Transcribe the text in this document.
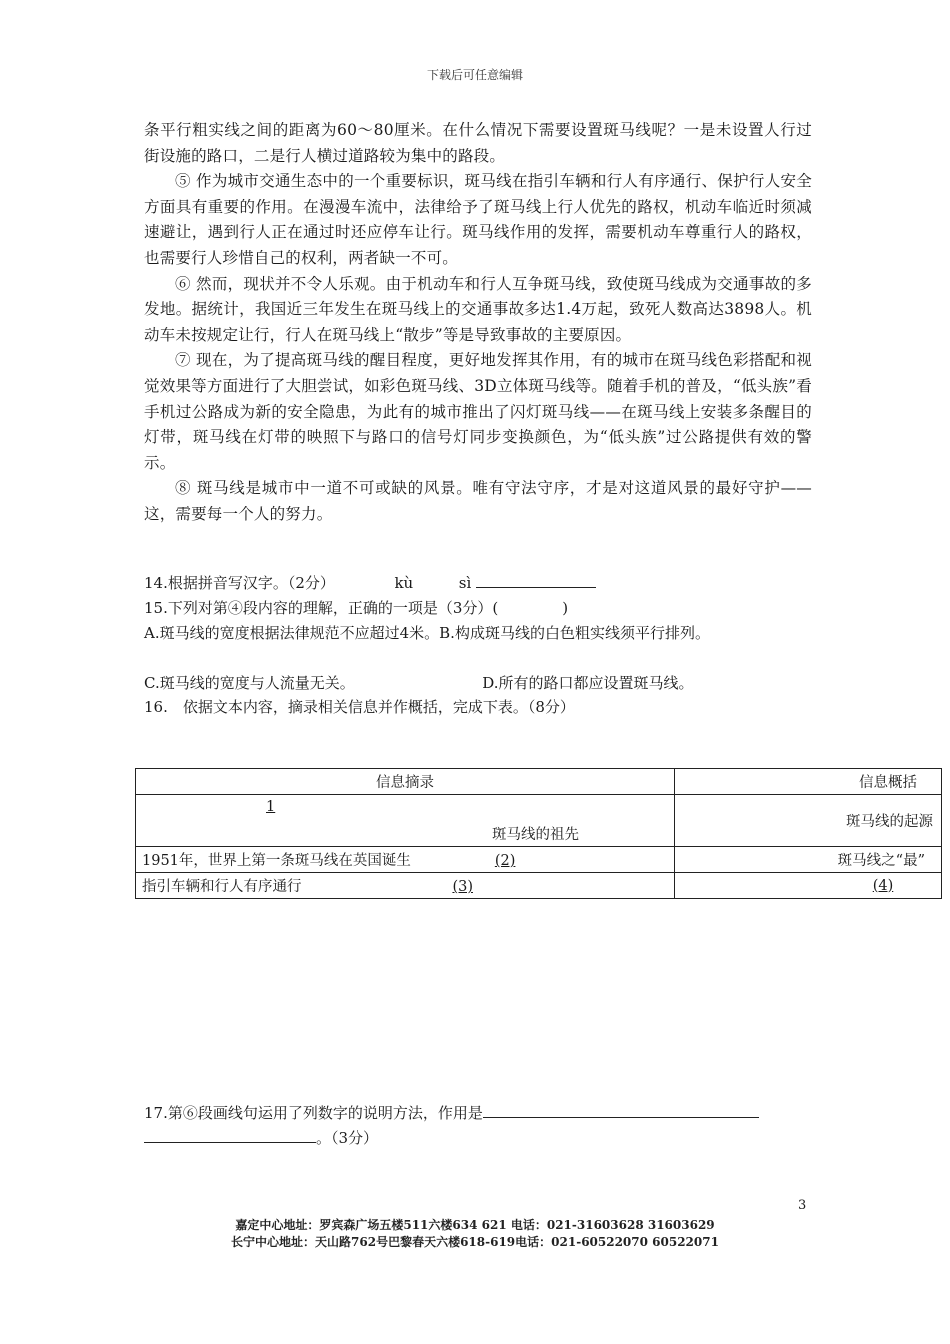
下载后可任意编辑

条平行粗实线之间的距离为60～80厘米。在什么情况下需要设置斑马线呢？一是未设置人行过街设施的路口，二是行人横过道路较为集中的路段。

⑤ 作为城市交通生态中的一个重要标识，斑马线在指引车辆和行人有序通行、保护行人安全方面具有重要的作用。在漫漫车流中，法律给予了斑马线上行人优先的路权，机动车临近时须减速避让，遇到行人正在通过时还应停车让行。斑马线作用的发挥，需要机动车尊重行人的路权，也需要行人珍惜自己的权利，两者缺一不可。

⑥ 然而，现状并不令人乐观。由于机动车和行人互争斑马线，致使斑马线成为交通事故的多发地。据统计，我国近三年发生在斑马线上的交通事故多达1.4万起，致死人数高达3898人。机动车未按规定让行，行人在斑马线上“散步”等是导致事故的主要原因。

⑦ 现在，为了提高斑马线的醒目程度，更好地发挥其作用，有的城市在斑马线色彩搭配和视觉效果等方面进行了大胆尝试，如彩色斑马线、3D立体斑马线等。随着手机的普及，“低头族”看手机过公路成为新的安全隐患，为此有的城市推出了闪灯斑马线——在斑马线上安装多条醒目的灯带，斑马线在灯带的映照下与路口的信号灯同步变换颜色，为“低头族”过公路提供有效的警示。

⑧ 斑马线是城市中一道不可或缺的风景。唯有守法守序，才是对这道风景的最好守护——这，需要每一个人的努力。

14.根据拼音写汉字。（2分）	kù	sì
15.下列对第④段内容的理解，正确的一项是（3分）(	)
A.斑马线的宽度根据法律规范不应超过4米。B.构成斑马线的白色粗实线须平行排列。
C.斑马线的宽度与人流量无关。	D.所有的路口都应设置斑马线。
16.　依据文本内容，摘录相关信息并作概括，完成下表。（8分）
信息摘录	信息概括

1
斑马线的祖先	斑马线的起源
1951年，世界上第一条斑马线在英国诞生 (2)	斑马线之“最”
指引车辆和行人有序通行 (3)	(4)
17.第⑥段画线句运用了列数字的说明方法，作用是
。（3分）
3
嘉定中心地址：罗宾森广场五楼511六楼634 621 电话：021-31603628 31603629
长宁中心地址：天山路762号巴黎春天六楼618-619电话：021-60522070 60522071
